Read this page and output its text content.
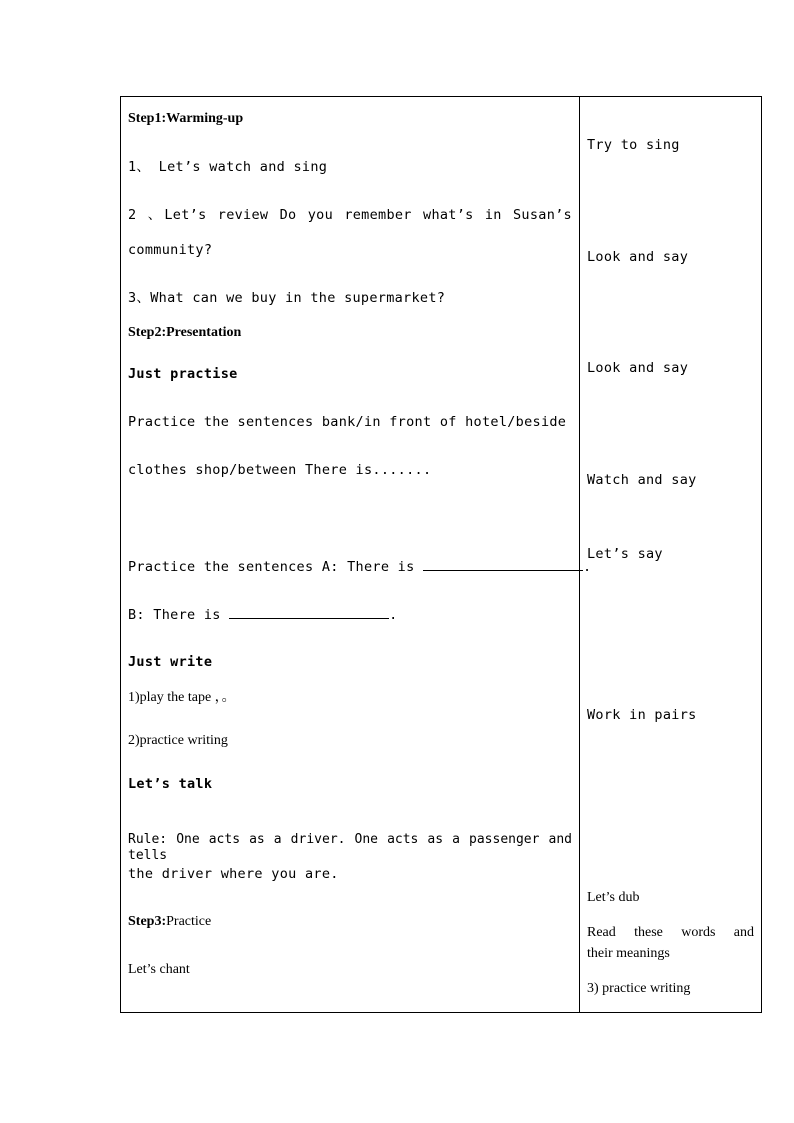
Step1:Warming-up
1、 Let’s watch and sing
2 、Let’s review Do you remember what’s in Susan’s
community?
3、What can we buy in the supermarket?
Step2:Presentation
Just practise
Practice the sentences bank/in front of hotel/beside
clothes shop/between There is.......
Practice the sentences A: There is	.
B: There is	.
Just write
1)play the tape ，。
2)practice writing
Let’s talk
Rule: One acts as a driver. One acts as a passenger and tells
the driver where you are.
Step3:Practice
Let’s chant
Try to sing
Look and say
Look and say
Watch and say
Let’s say
Work in pairs
Let’s dub
Read these words and
their meanings
3) practice writing
